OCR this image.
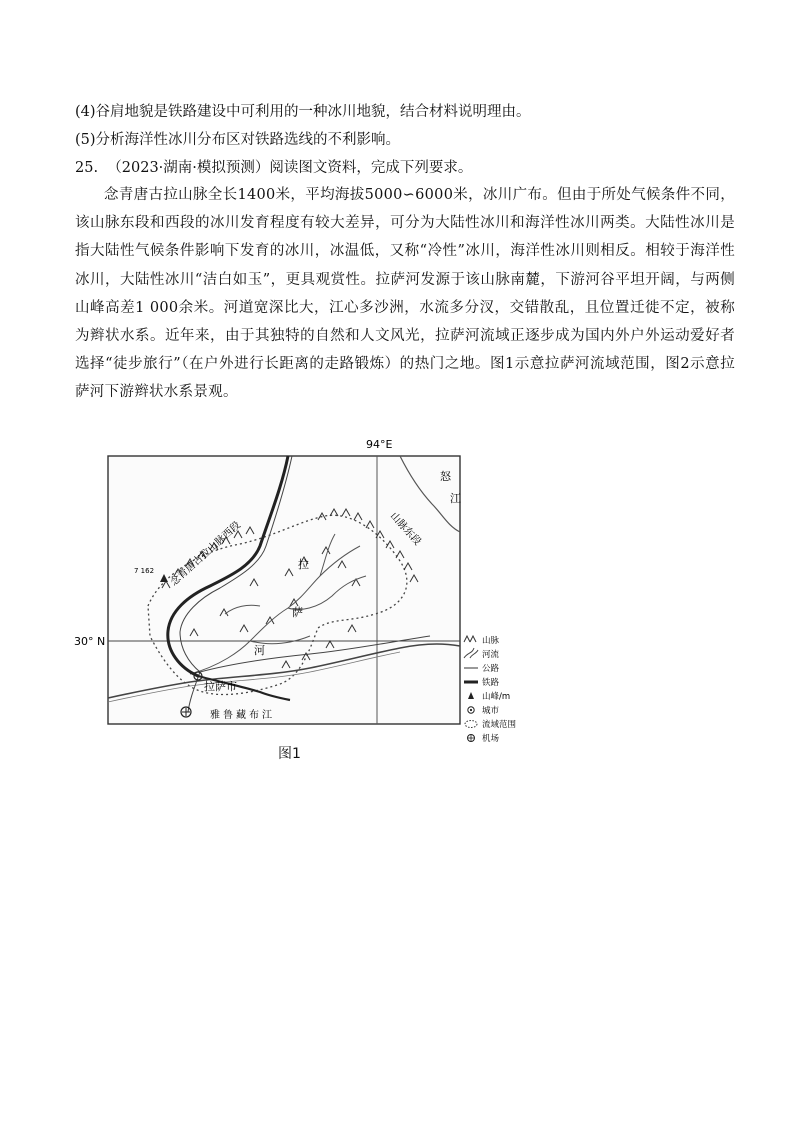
(4)谷肩地貌是铁路建设中可利用的一种冰川地貌，结合材料说明理由。
(5)分析海洋性冰川分布区对铁路选线的不利影响。
25.  （2023·湖南·模拟预测）阅读图文资料，完成下列要求。
念青唐古拉山脉全长1400米，平均海拔5000∽6000米，冰川广布。但由于所处气候条件不同，该山脉东段和西段的冰川发育程度有较大差异，可分为大陆性冰川和海洋性冰川两类。大陆性冰川是指大陆性气候条件影响下发育的冰川，冰温低，又称“冷性”冰川，海洋性冰川则相反。相较于海洋性冰川，大陆性冰川“洁白如玉”，更具观赏性。拉萨河发源于该山脉南麓，下游河谷平坦开阔，与两侧山峰高差1 000余米。河道宽深比大，江心多沙洲，水流多分汊，交错散乱，且位置迁徙不定，被称为辫状水系。近年来，由于其独特的自然和人文风光，拉萨河流域正逐步成为国内外户外运动爱好者选择“徒步旅行”（在户外进行长距离的走路锻炼）的热门之地。图1示意拉萨河流域范围，图2示意拉萨河下游辫状水系景观。
94°E
30° N
7 162
拉萨市
念青唐古拉山脉西段	山脉东段
拉
萨
河
怒
江
雅鲁藏布江
山脉
河流
公路
铁路
山峰/m
城市
流域范围
机场
图1
